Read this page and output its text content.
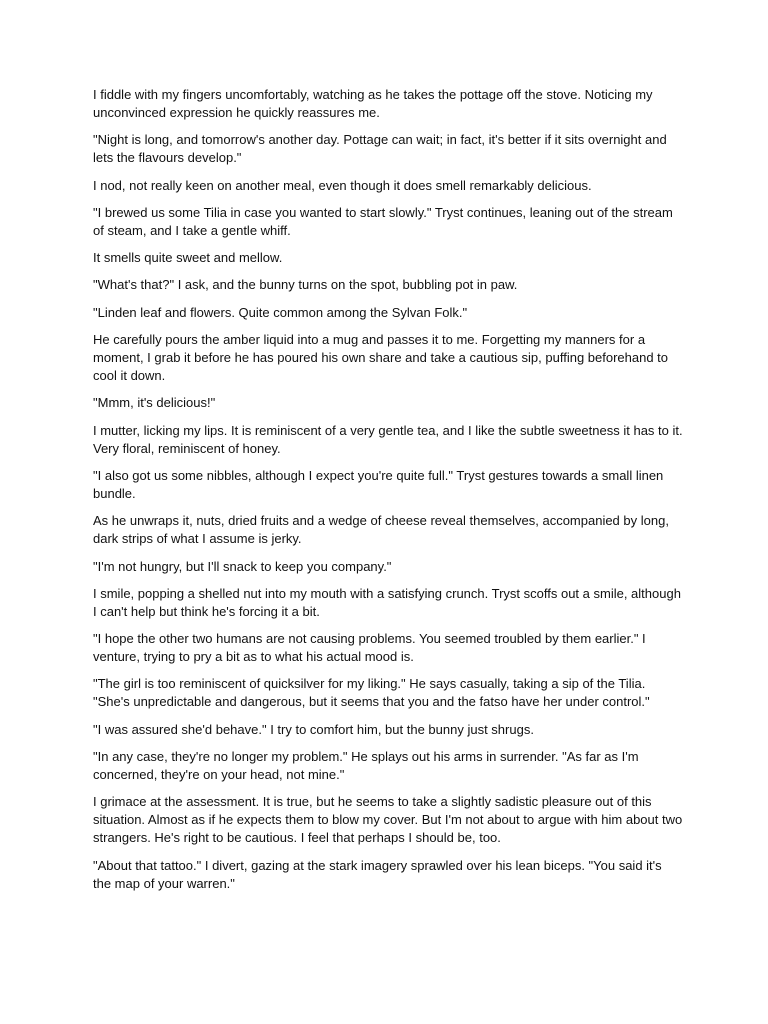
I fiddle with my fingers uncomfortably, watching as he takes the pottage off the stove. Noticing my unconvinced expression he quickly reassures me.

"Night is long, and tomorrow's another day. Pottage can wait; in fact, it's better if it sits overnight and lets the flavours develop."

I nod, not really keen on another meal, even though it does smell remarkably delicious.

"I brewed us some Tilia in case you wanted to start slowly." Tryst continues, leaning out of the stream of steam, and I take a gentle whiff.

It smells quite sweet and mellow.

"What's that?" I ask, and the bunny turns on the spot, bubbling pot in paw.

"Linden leaf and flowers. Quite common among the Sylvan Folk."

He carefully pours the amber liquid into a mug and passes it to me. Forgetting my manners for a moment, I grab it before he has poured his own share and take a cautious sip, puffing beforehand to cool it down.

"Mmm, it's delicious!"

I mutter, licking my lips. It is reminiscent of a very gentle tea, and I like the subtle sweetness it has to it. Very floral, reminiscent of honey.

"I also got us some nibbles, although I expect you're quite full." Tryst gestures towards a small linen bundle.

As he unwraps it, nuts, dried fruits and a wedge of cheese reveal themselves, accompanied by long, dark strips of what I assume is jerky.

"I'm not hungry, but I'll snack to keep you company."

I smile, popping a shelled nut into my mouth with a satisfying crunch. Tryst scoffs out a smile, although I can't help but think he's forcing it a bit.

"I hope the other two humans are not causing problems. You seemed troubled by them earlier." I venture, trying to pry a bit as to what his actual mood is.

"The girl is too reminiscent of quicksilver for my liking." He says casually, taking a sip of the Tilia. "She's unpredictable and dangerous, but it seems that you and the fatso have her under control."

"I was assured she'd behave." I try to comfort him, but the bunny just shrugs.

"In any case, they're no longer my problem." He splays out his arms in surrender. "As far as I'm concerned, they're on your head, not mine."

I grimace at the assessment. It is true, but he seems to take a slightly sadistic pleasure out of this situation. Almost as if he expects them to blow my cover. But I'm not about to argue with him about two strangers. He's right to be cautious. I feel that perhaps I should be, too.

"About that tattoo." I divert, gazing at the stark imagery sprawled over his lean biceps. "You said it's the map of your warren."
